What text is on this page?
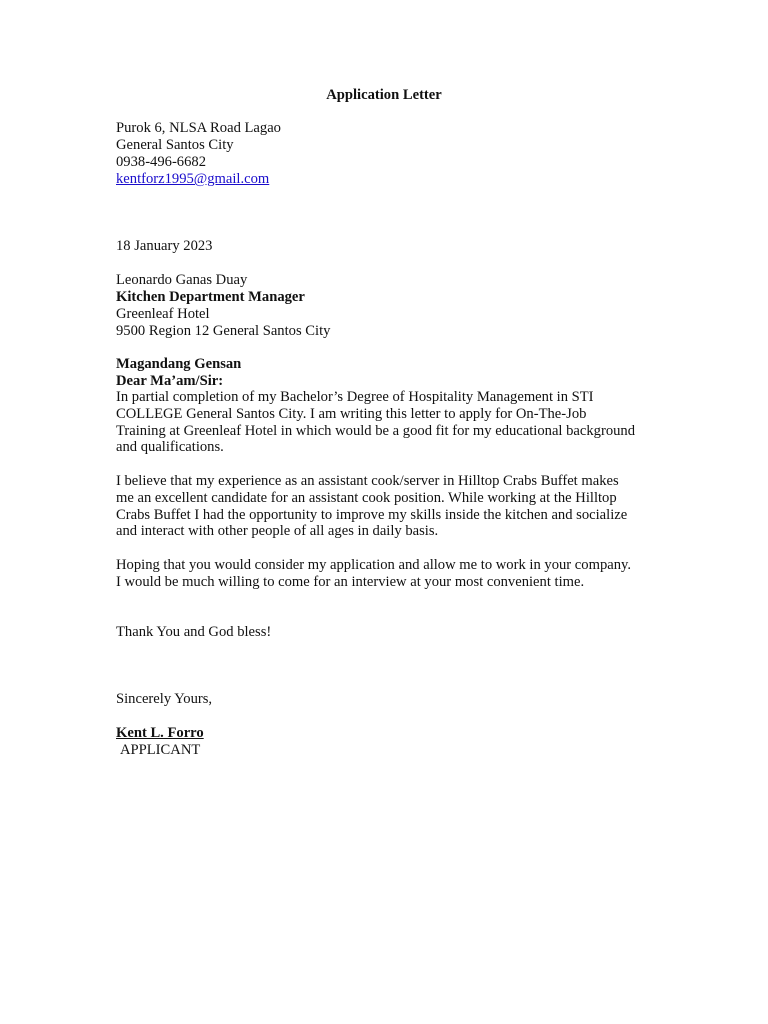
Application Letter
Purok 6, NLSA Road Lagao
General Santos City
0938-496-6682
kentforz1995@gmail.com
18 January 2023
Leonardo Ganas Duay
Kitchen Department Manager
Greenleaf Hotel
9500 Region 12 General Santos City
Magandang Gensan
Dear Ma’am/Sir:
In partial completion of my Bachelor’s Degree of Hospitality Management in STI COLLEGE General Santos City. I am writing this letter to apply for On-The-Job Training at Greenleaf Hotel in which would be a good fit for my educational background and qualifications.
I believe that my experience as an assistant cook/server in Hilltop Crabs Buffet makes me an excellent candidate for an assistant cook position. While working at the Hilltop Crabs Buffet I had the opportunity to improve my skills inside the kitchen and socialize and interact with other people of all ages in daily basis.
Hoping that you would consider my application and allow me to work in your company. I would be much willing to come for an interview at your most convenient time.
Thank You and God bless!
Sincerely Yours,
Kent L. Forro
APPLICANT
